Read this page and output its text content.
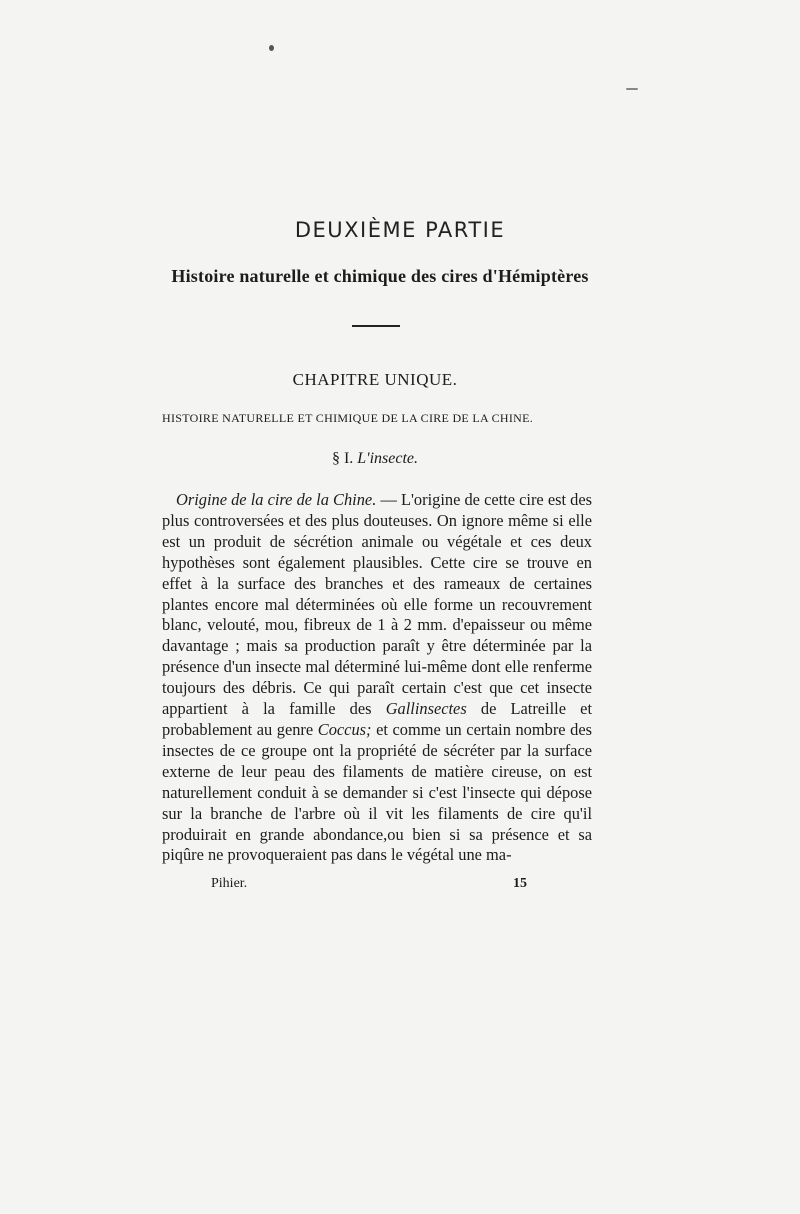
DEUXIÈME PARTIE
Histoire naturelle et chimique des cires d'Hémiptères
CHAPITRE UNIQUE.
HISTOIRE NATURELLE ET CHIMIQUE DE LA CIRE DE LA CHINE.
§ I. L'insecte.

Origine de la cire de la Chine. — L'origine de cette cire est des plus controversées et des plus douteuses. On ignore même si elle est un produit de sécrétion animale ou végétale et ces deux hypothèses sont également plausibles. Cette cire se trouve en effet à la surface des branches et des rameaux de certaines plantes encore mal déterminées où elle forme un recouvrement blanc, velouté, mou, fibreux de 1 à 2 mm. d'epaisseur ou même davantage ; mais sa production paraît y être déterminée par la présence d'un insecte mal déterminé lui-même dont elle renferme toujours des débris. Ce qui paraît certain c'est que cet insecte appartient à la famille des Gallinsectes de Latreille et probablement au genre Coccus; et comme un certain nombre des insectes de ce groupe ont la propriété de sécréter par la surface externe de leur peau des filaments de matière cireuse, on est naturellement conduit à se demander si c'est l'insecte qui dépose sur la branche de l'arbre où il vit les filaments de cire qu'il produirait en grande abondance,ou bien si sa présence et sa piqûre ne provoqueraient pas dans le végétal une ma-

Pihier.	15
